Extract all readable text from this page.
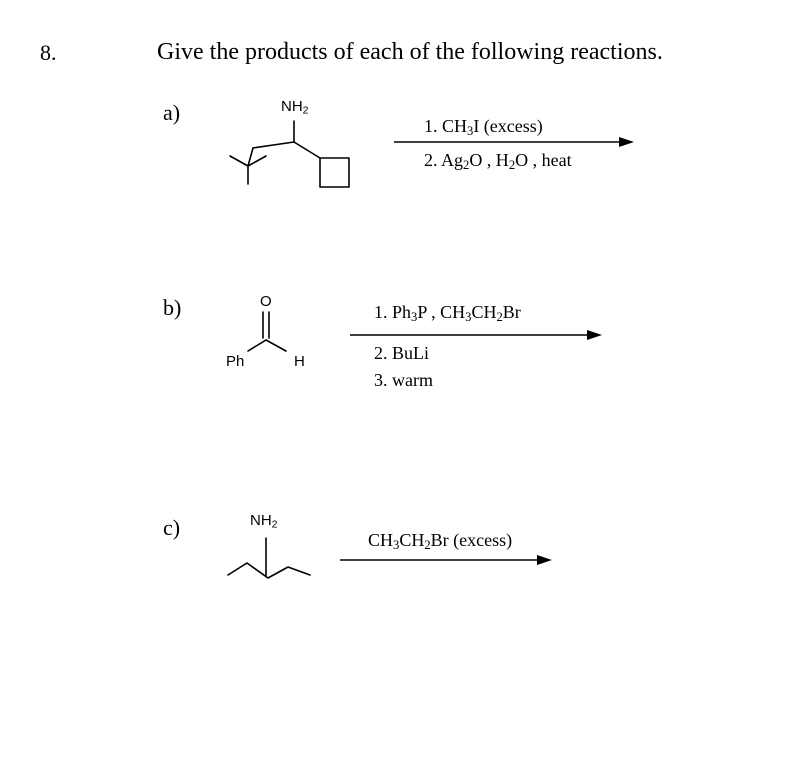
8.	Give the products of each of the following reactions.
a)	$NH_2$
1. $CH_3I$ (excess)
2. $Ag_2O$ , $H_2O$ , heat
b)	O
Ph	H
1. $Ph_3P$ , $CH_3CH_2Br$
2. BuLi
3. warm
c)	$NH_2$
$CH_3CH_2Br$ (excess)
